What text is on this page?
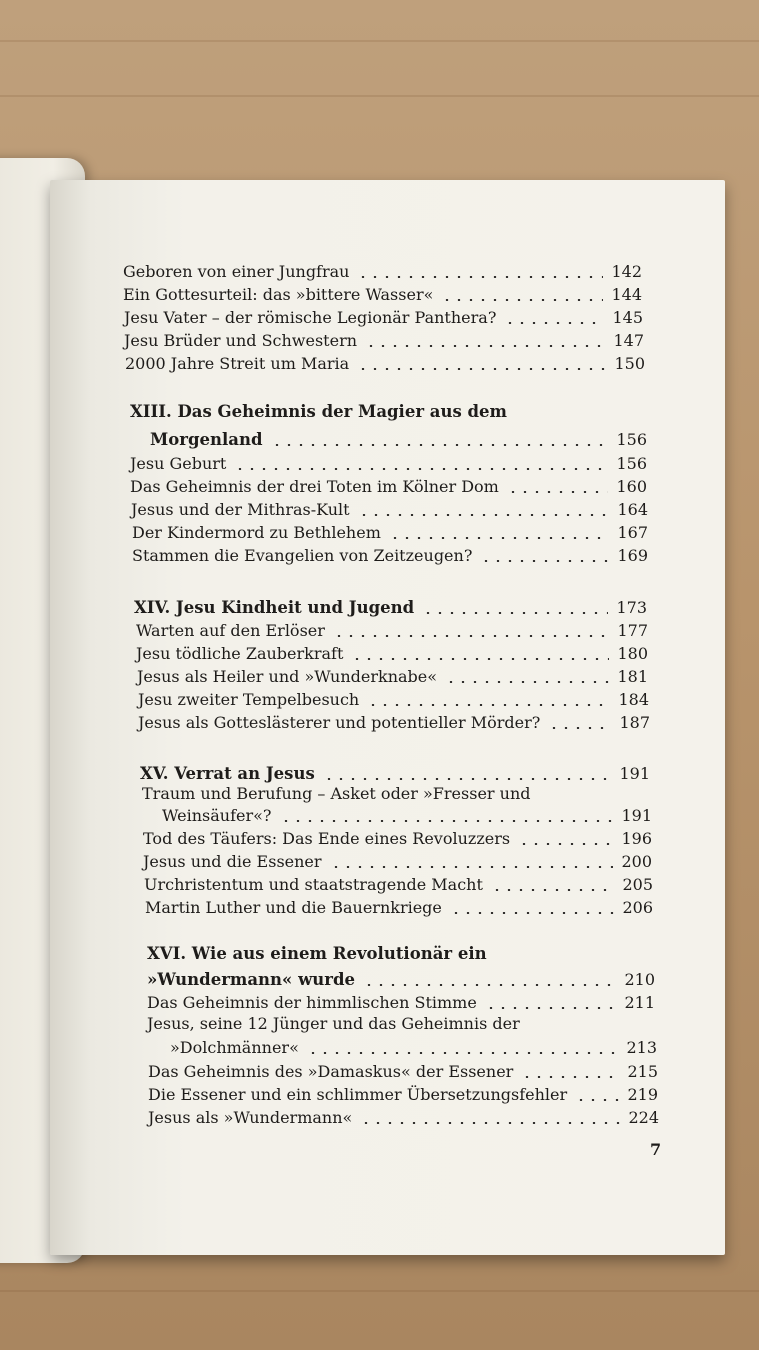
Geboren von einer Jungfrau	142
Ein Gottesurteil: das »bittere Wasser«	144
Jesu Vater – der römische Legionär Panthera?	145
Jesu Brüder und Schwestern	147
2000 Jahre Streit um Maria	150
XIII. Das Geheimnis der Magier aus dem
Morgenland	156
Jesu Geburt	156
Das Geheimnis der drei Toten im Kölner Dom	160
Jesus und der Mithras-Kult	164
Der Kindermord zu Bethlehem	167
Stammen die Evangelien von Zeitzeugen?	169
XIV. Jesu Kindheit und Jugend	173
Warten auf den Erlöser	177
Jesu tödliche Zauberkraft	180
Jesus als Heiler und »Wunderknabe«	181
Jesu zweiter Tempelbesuch	184
Jesus als Gotteslästerer und potentieller Mörder?	187
XV. Verrat an Jesus	191
Traum und Berufung – Asket oder »Fresser und
Weinsäufer«?	191
Tod des Täufers: Das Ende eines Revoluzzers	196
Jesus und die Essener	200
Urchristentum und staatstragende Macht	205
Martin Luther und die Bauernkriege	206
XVI. Wie aus einem Revolutionär ein
»Wundermann« wurde	210
Das Geheimnis der himmlischen Stimme	211
Jesus, seine 12 Jünger und das Geheimnis der
»Dolchmänner«	213
Das Geheimnis des »Damaskus« der Essener	215
Die Essener und ein schlimmer Übersetzungsfehler	219
Jesus als »Wundermann«	224
7
